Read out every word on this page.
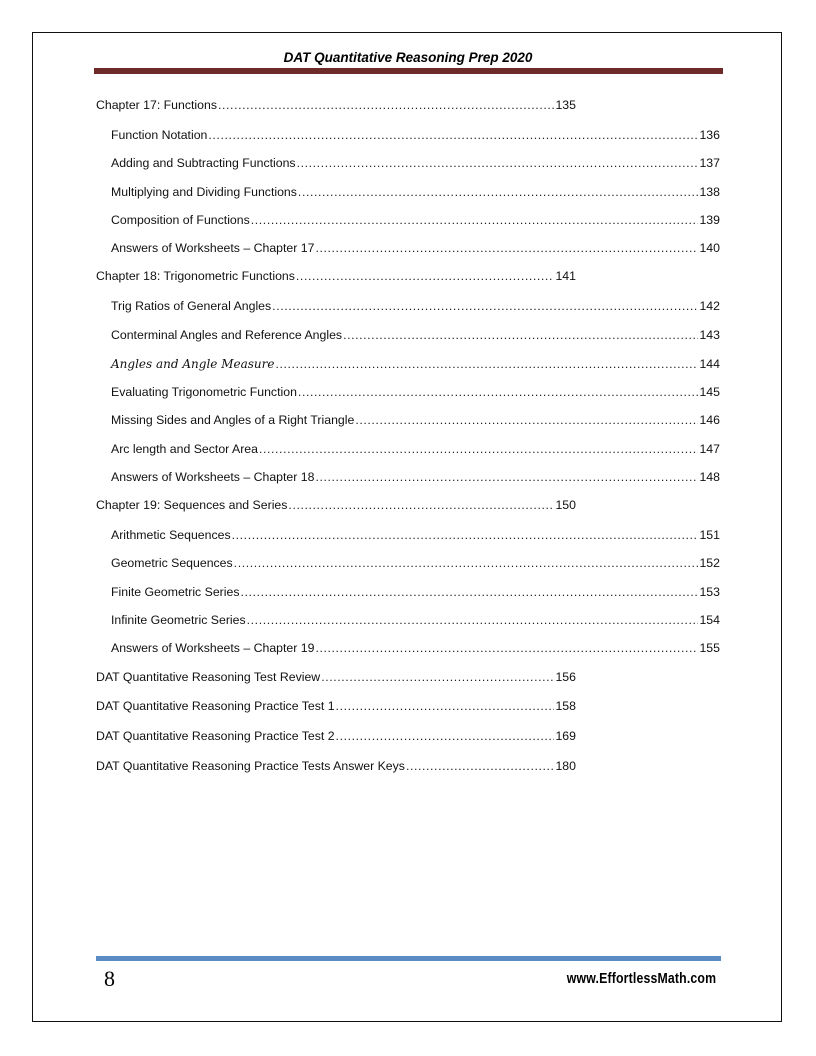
DAT Quantitative Reasoning Prep 2020
Chapter 17: Functions .....	135
Function Notation .....	136
Adding and Subtracting Functions .....	137
Multiplying and Dividing Functions .....	138
Composition of Functions .....	139
Answers of Worksheets – Chapter 17 .....	140
Chapter 18: Trigonometric Functions .....	141
Trig Ratios of General Angles .....	142
Conterminal Angles and Reference Angles .....	143
Angles and Angle Measure .....	144
Evaluating Trigonometric Function .....	145
Missing Sides and Angles of a Right Triangle .....	146
Arc length and Sector Area .....	147
Answers of Worksheets – Chapter 18 .....	148
Chapter 19: Sequences and Series .....	150
Arithmetic Sequences .....	151
Geometric Sequences .....	152
Finite Geometric Series .....	153
Infinite Geometric Series .....	154
Answers of Worksheets – Chapter 19 .....	155
DAT Quantitative Reasoning Test Review .....	156
DAT Quantitative Reasoning Practice Test 1 .....	158
DAT Quantitative Reasoning Practice Test 2 .....	169
DAT Quantitative Reasoning Practice Tests Answer Keys .....	180
8	www.EffortlessMath.com
